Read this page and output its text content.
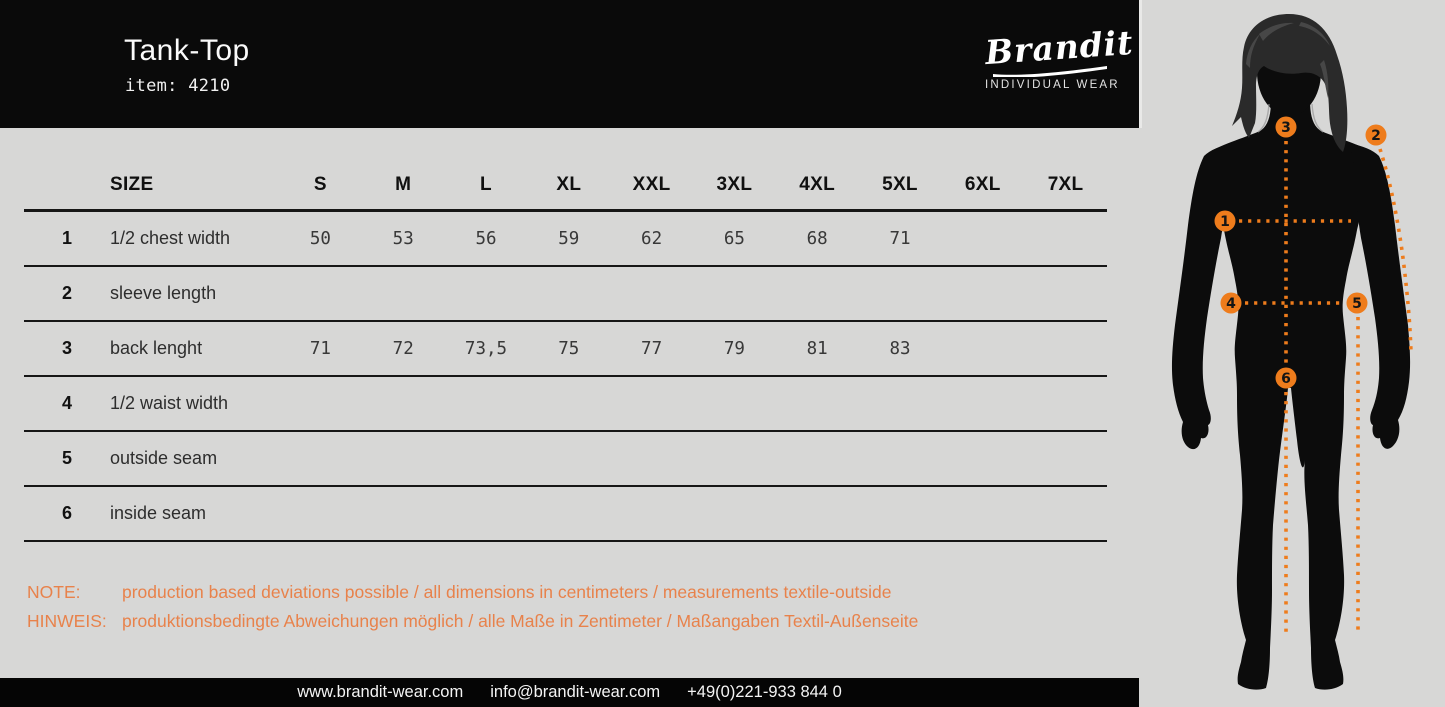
Tank-Top
item: 4210
Brandit
INDIVIDUAL WEAR
SIZE	S	M	L	XL	XXL	3XL	4XL	5XL	6XL	7XL
1	1/2 chest width	50	53	56	59	62	65	68	71
2	sleeve length
3	back lenght	71	72	73,5	75	77	79	81	83
4	1/2 waist width
5	outside seam
6	inside seam
NOTE:	production based deviations possible / all dimensions in centimeters / measurements textile-outside
HINWEIS: produktionsbedingte Abweichungen möglich / alle Maße in Zentimeter / Maßangaben Textil-Außenseite
www.brandit-wear.com info@brandit-wear.com +49(0)221-933 844 0
1
2
3
4	5
6
